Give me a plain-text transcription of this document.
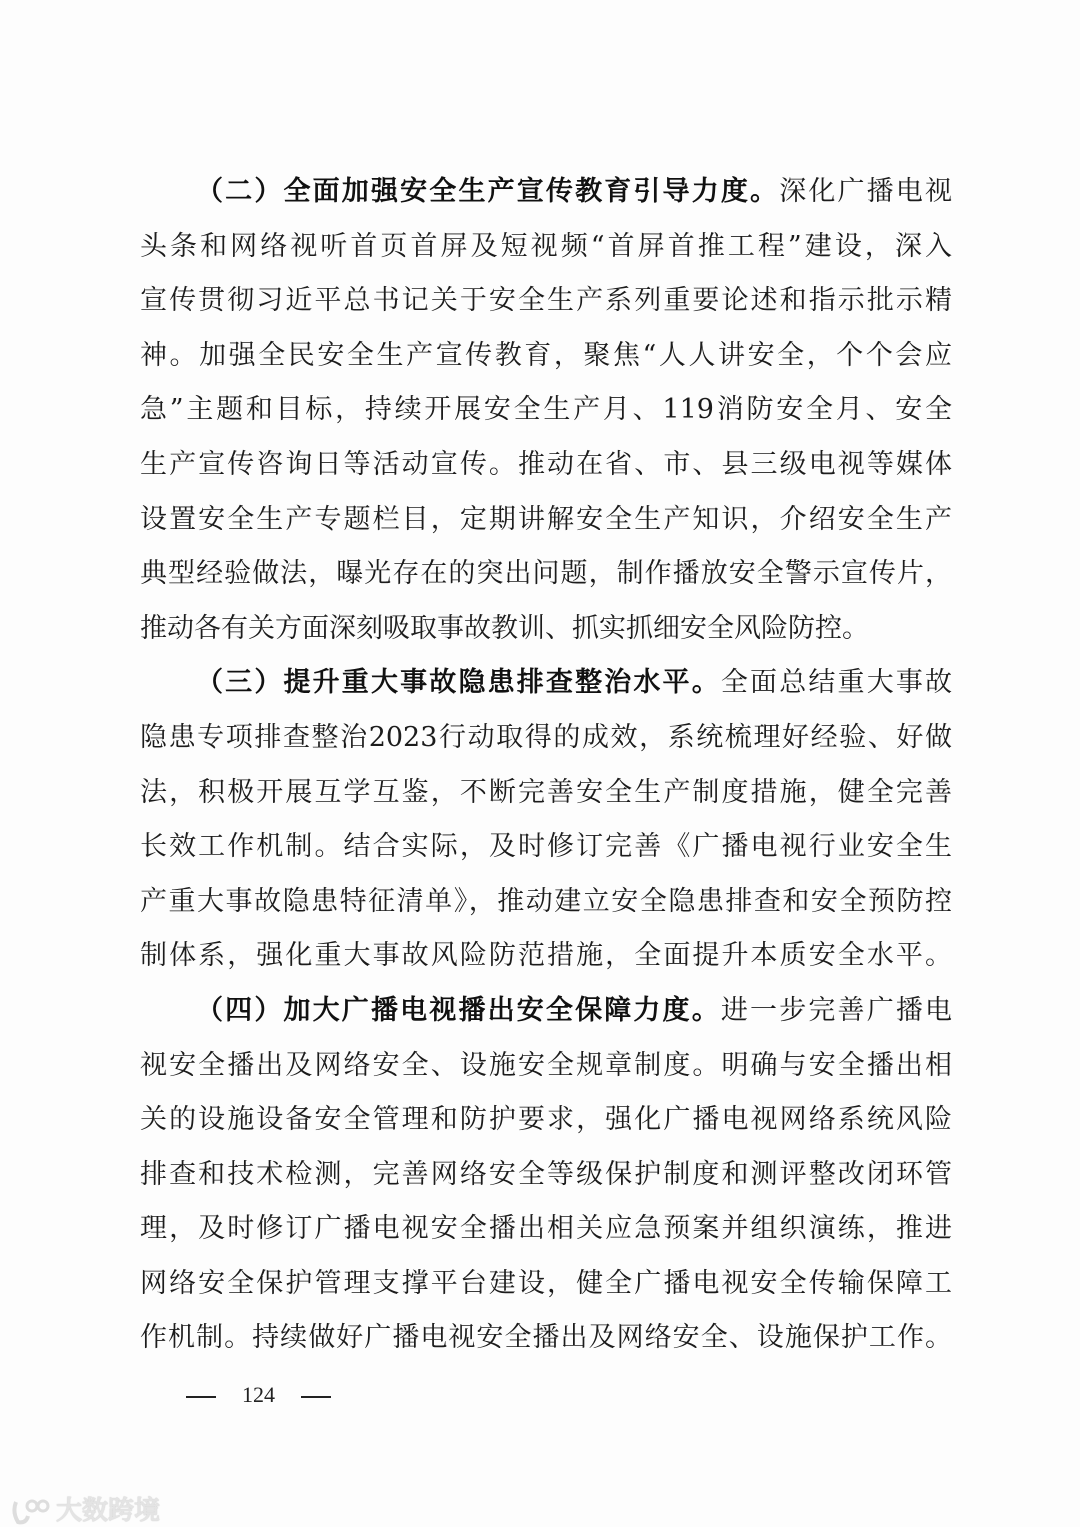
（二）全面加强安全生产宣传教育引导力度。深化广播电视
头条和网络视听首页首屏及短视频“首屏首推工程”建设，深入
宣传贯彻习近平总书记关于安全生产系列重要论述和指示批示精
神。加强全民安全生产宣传教育，聚焦“人人讲安全，个个会应
急”主题和目标，持续开展安全生产月、119消防安全月、安全
生产宣传咨询日等活动宣传。推动在省、市、县三级电视等媒体
设置安全生产专题栏目，定期讲解安全生产知识，介绍安全生产
典型经验做法，曝光存在的突出问题，制作播放安全警示宣传片，
推动各有关方面深刻吸取事故教训、抓实抓细安全风险防控。
（三）提升重大事故隐患排查整治水平。全面总结重大事故
隐患专项排查整治2023行动取得的成效，系统梳理好经验、好做
法，积极开展互学互鉴，不断完善安全生产制度措施，健全完善
长效工作机制。结合实际，及时修订完善《广播电视行业安全生
产重大事故隐患特征清单》，推动建立安全隐患排查和安全预防控
制体系，强化重大事故风险防范措施，全面提升本质安全水平。
（四）加大广播电视播出安全保障力度。进一步完善广播电
视安全播出及网络安全、设施安全规章制度。明确与安全播出相
关的设施设备安全管理和防护要求，强化广播电视网络系统风险
排查和技术检测，完善网络安全等级保护制度和测评整改闭环管
理，及时修订广播电视安全播出相关应急预案并组织演练，推进
网络安全保护管理支撑平台建设，健全广播电视安全传输保障工
作机制。持续做好广播电视安全播出及网络安全、设施保护工作。
124
大数跨境
